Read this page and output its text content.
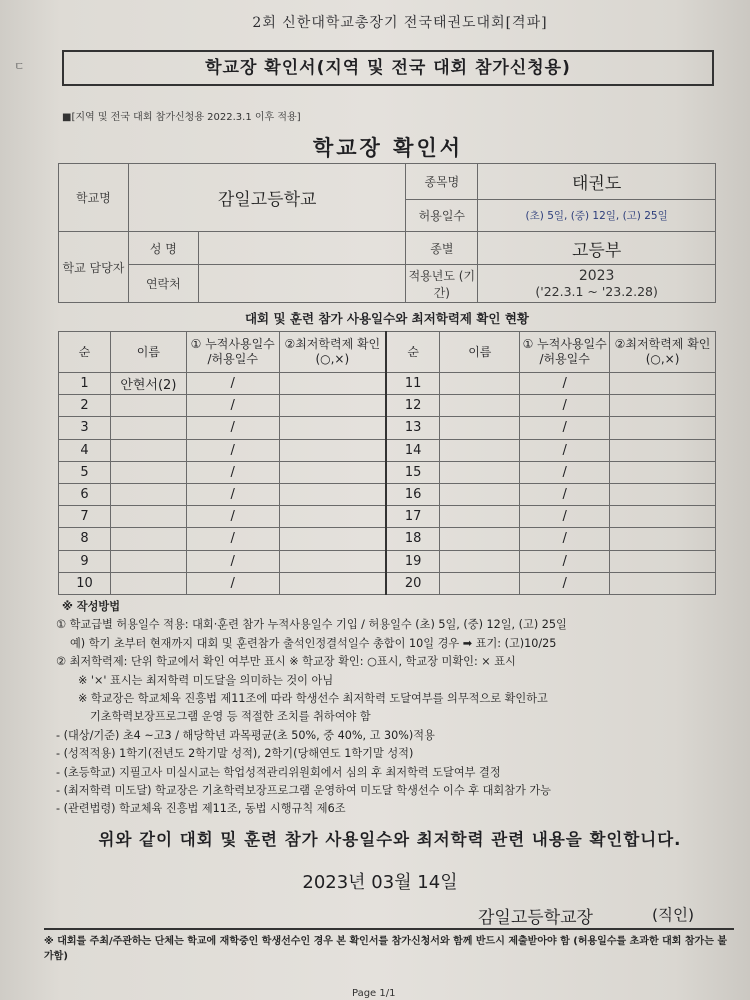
ㄷ
2회 신한대학교총장기 전국태권도대회[격파]
학교장 확인서(지역 및 전국 대회 참가신청용)
■[지역 및 전국 대회 참가신청용 2022.3.1 이후 적용]
학교장 확인서
학교명	감일고등학교		종목명	태권도
			허용일수	(초) 5일, (중) 12일, (고) 25일
학교 담당자	성 명		종별	고등부
	연락처		적용년도 (기간)	2023
('22.3.1 ~ '23.2.28)
대회 및 훈련 참가 사용일수와 최저학력제 확인 현황
순	이름	① 누적사용일수 /허용일수	②최저학력제 확인(○,×)	순	이름	① 누적사용일수 /허용일수	②최저학력제 확인(○,×)
1	안현서(2)	/		11		/	
2		/		12		/	
3		/		13		/	
4		/		14		/	
5		/		15		/	
6		/		16		/	
7		/		17		/	
8		/		18		/	
9		/		19		/	
10		/		20		/	
※ 작성방법
① 학교급별 허용일수 적용: 대회·훈련 참가 누적사용일수 기입 / 허용일수 (초) 5일, (중) 12일, (고) 25일
예) 학기 초부터 현재까지 대회 및 훈련참가 출석인정결석일수 총합이 10일 경우 ➡ 표기: (고)10/25
② 최저학력제: 단위 학교에서 확인 여부만 표시 ※ 학교장 확인: ○표시, 학교장 미확인: × 표시
※ '×' 표시는 최저학력 미도달을 의미하는 것이 아님
※ 학교장은 학교체육 진흥법 제11조에 따라 학생선수 최저학력 도달여부를 의무적으로 확인하고
기초학력보장프로그램 운영 등 적절한 조치를 취하여야 함
- (대상/기준) 초4 ~고3 / 해당학년 과목평균(초 50%, 중 40%, 고 30%)적용
- (성적적용) 1학기(전년도 2학기말 성적), 2학기(당해연도 1학기말 성적)
- (초등학교) 지필고사 미실시교는 학업성적관리위원회에서 심의 후 최저학력 도달여부 결정
- (최저학력 미도달) 학교장은 기초학력보장프로그램 운영하여 미도달 학생선수 이수 후 대회참가 가능
- (관련법령) 학교체육 진흥법 제11조, 동법 시행규칙 제6조
위와 같이 대회 및 훈련 참가 사용일수와 최저학력 관련 내용을 확인합니다.
2023년 03월 14일
감일고등학교장	(직인)
※ 대회를 주최/주관하는 단체는 학교에 재학중인 학생선수인 경우 본 확인서를 참가신청서와 함께 반드시 제출받아야 함 (허용일수를 초과한 대회 참가는 불가함)
Page 1/1
